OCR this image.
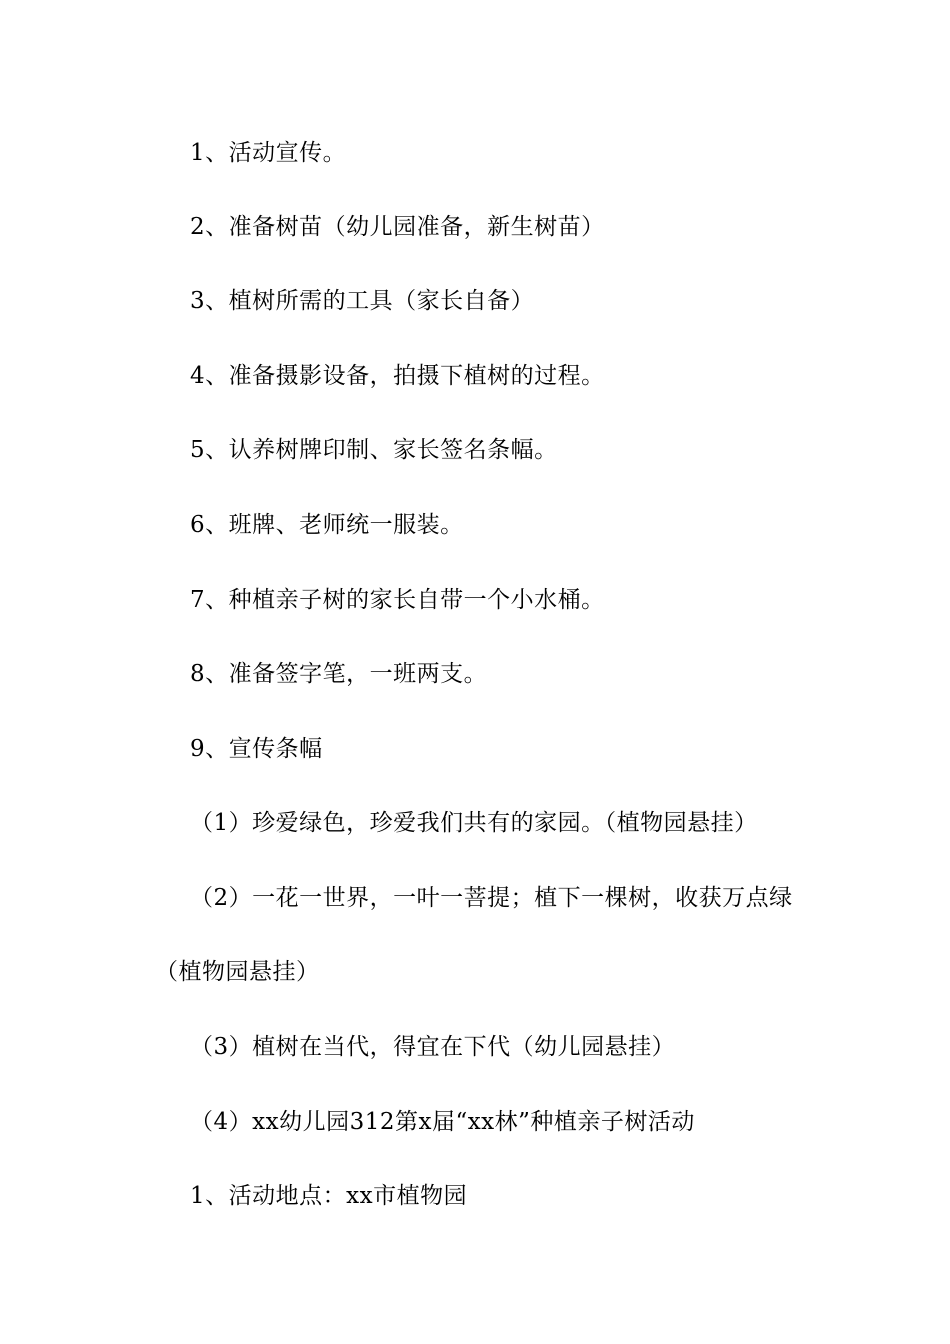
1、活动宣传。
2、准备树苗（幼儿园准备，新生树苗）
3、植树所需的工具（家长自备）
4、准备摄影设备，拍摄下植树的过程。
5、认养树牌印制、家长签名条幅。
6、班牌、老师统一服装。
7、种植亲子树的家长自带一个小水桶。
8、准备签字笔，一班两支。
9、宣传条幅
（1）珍爱绿色，珍爱我们共有的家园。（植物园悬挂）
（2）一花一世界，一叶一菩提；植下一棵树，收获万点绿
（植物园悬挂）
（3）植树在当代，得宜在下代（幼儿园悬挂）
（4）xx幼儿园312第x届“xx林”种植亲子树活动
1、活动地点：xx市植物园
